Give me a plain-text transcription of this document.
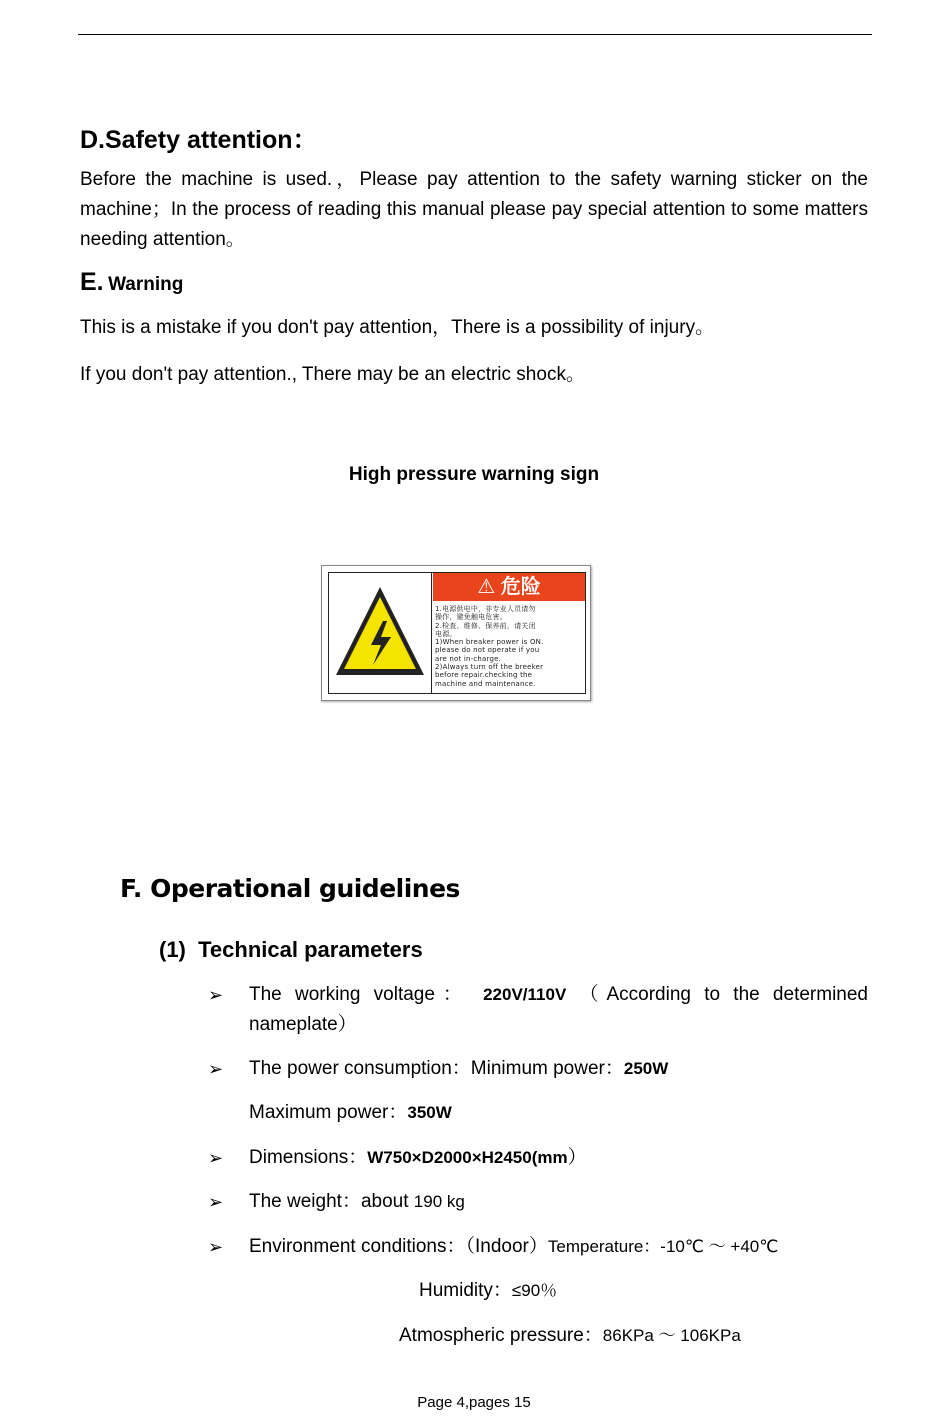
D.Safety attention：
Before the machine is used.，Please pay attention to the safety warning sticker on the machine；In the process of reading this manual please pay special attention to some matters needing attention。
E. Warning
This is a mistake if you don't pay attention，There is a possibility of injury。
If you don't pay attention., There may be an electric shock。
High pressure warning sign
⚠ 危险
1.电源供电中，非专业人员请勿
操作，避免触电危害。
2.检查、维修、保养前，请关闭
电源。
1)When breaker power is ON.
please do not operate if you
are not in-charge.
2)Always turn off the breeker
before repair.checking the
machine and maintenance.
F. Operational guidelines
(1) Technical parameters
➢ The working voltage： 220V/110V （According to the determined nameplate）
➢ The power consumption：Minimum power：250W
Maximum power：350W
➢ Dimensions：W750×D2000×H2450(mm）
➢ The weight：about 190 kg
➢ Environment conditions：（Indoor）Temperature：-10℃ ～ +40℃
Humidity：≤90％
Atmospheric pressure：86KPa ～ 106KPa
Page 4,pages 15
